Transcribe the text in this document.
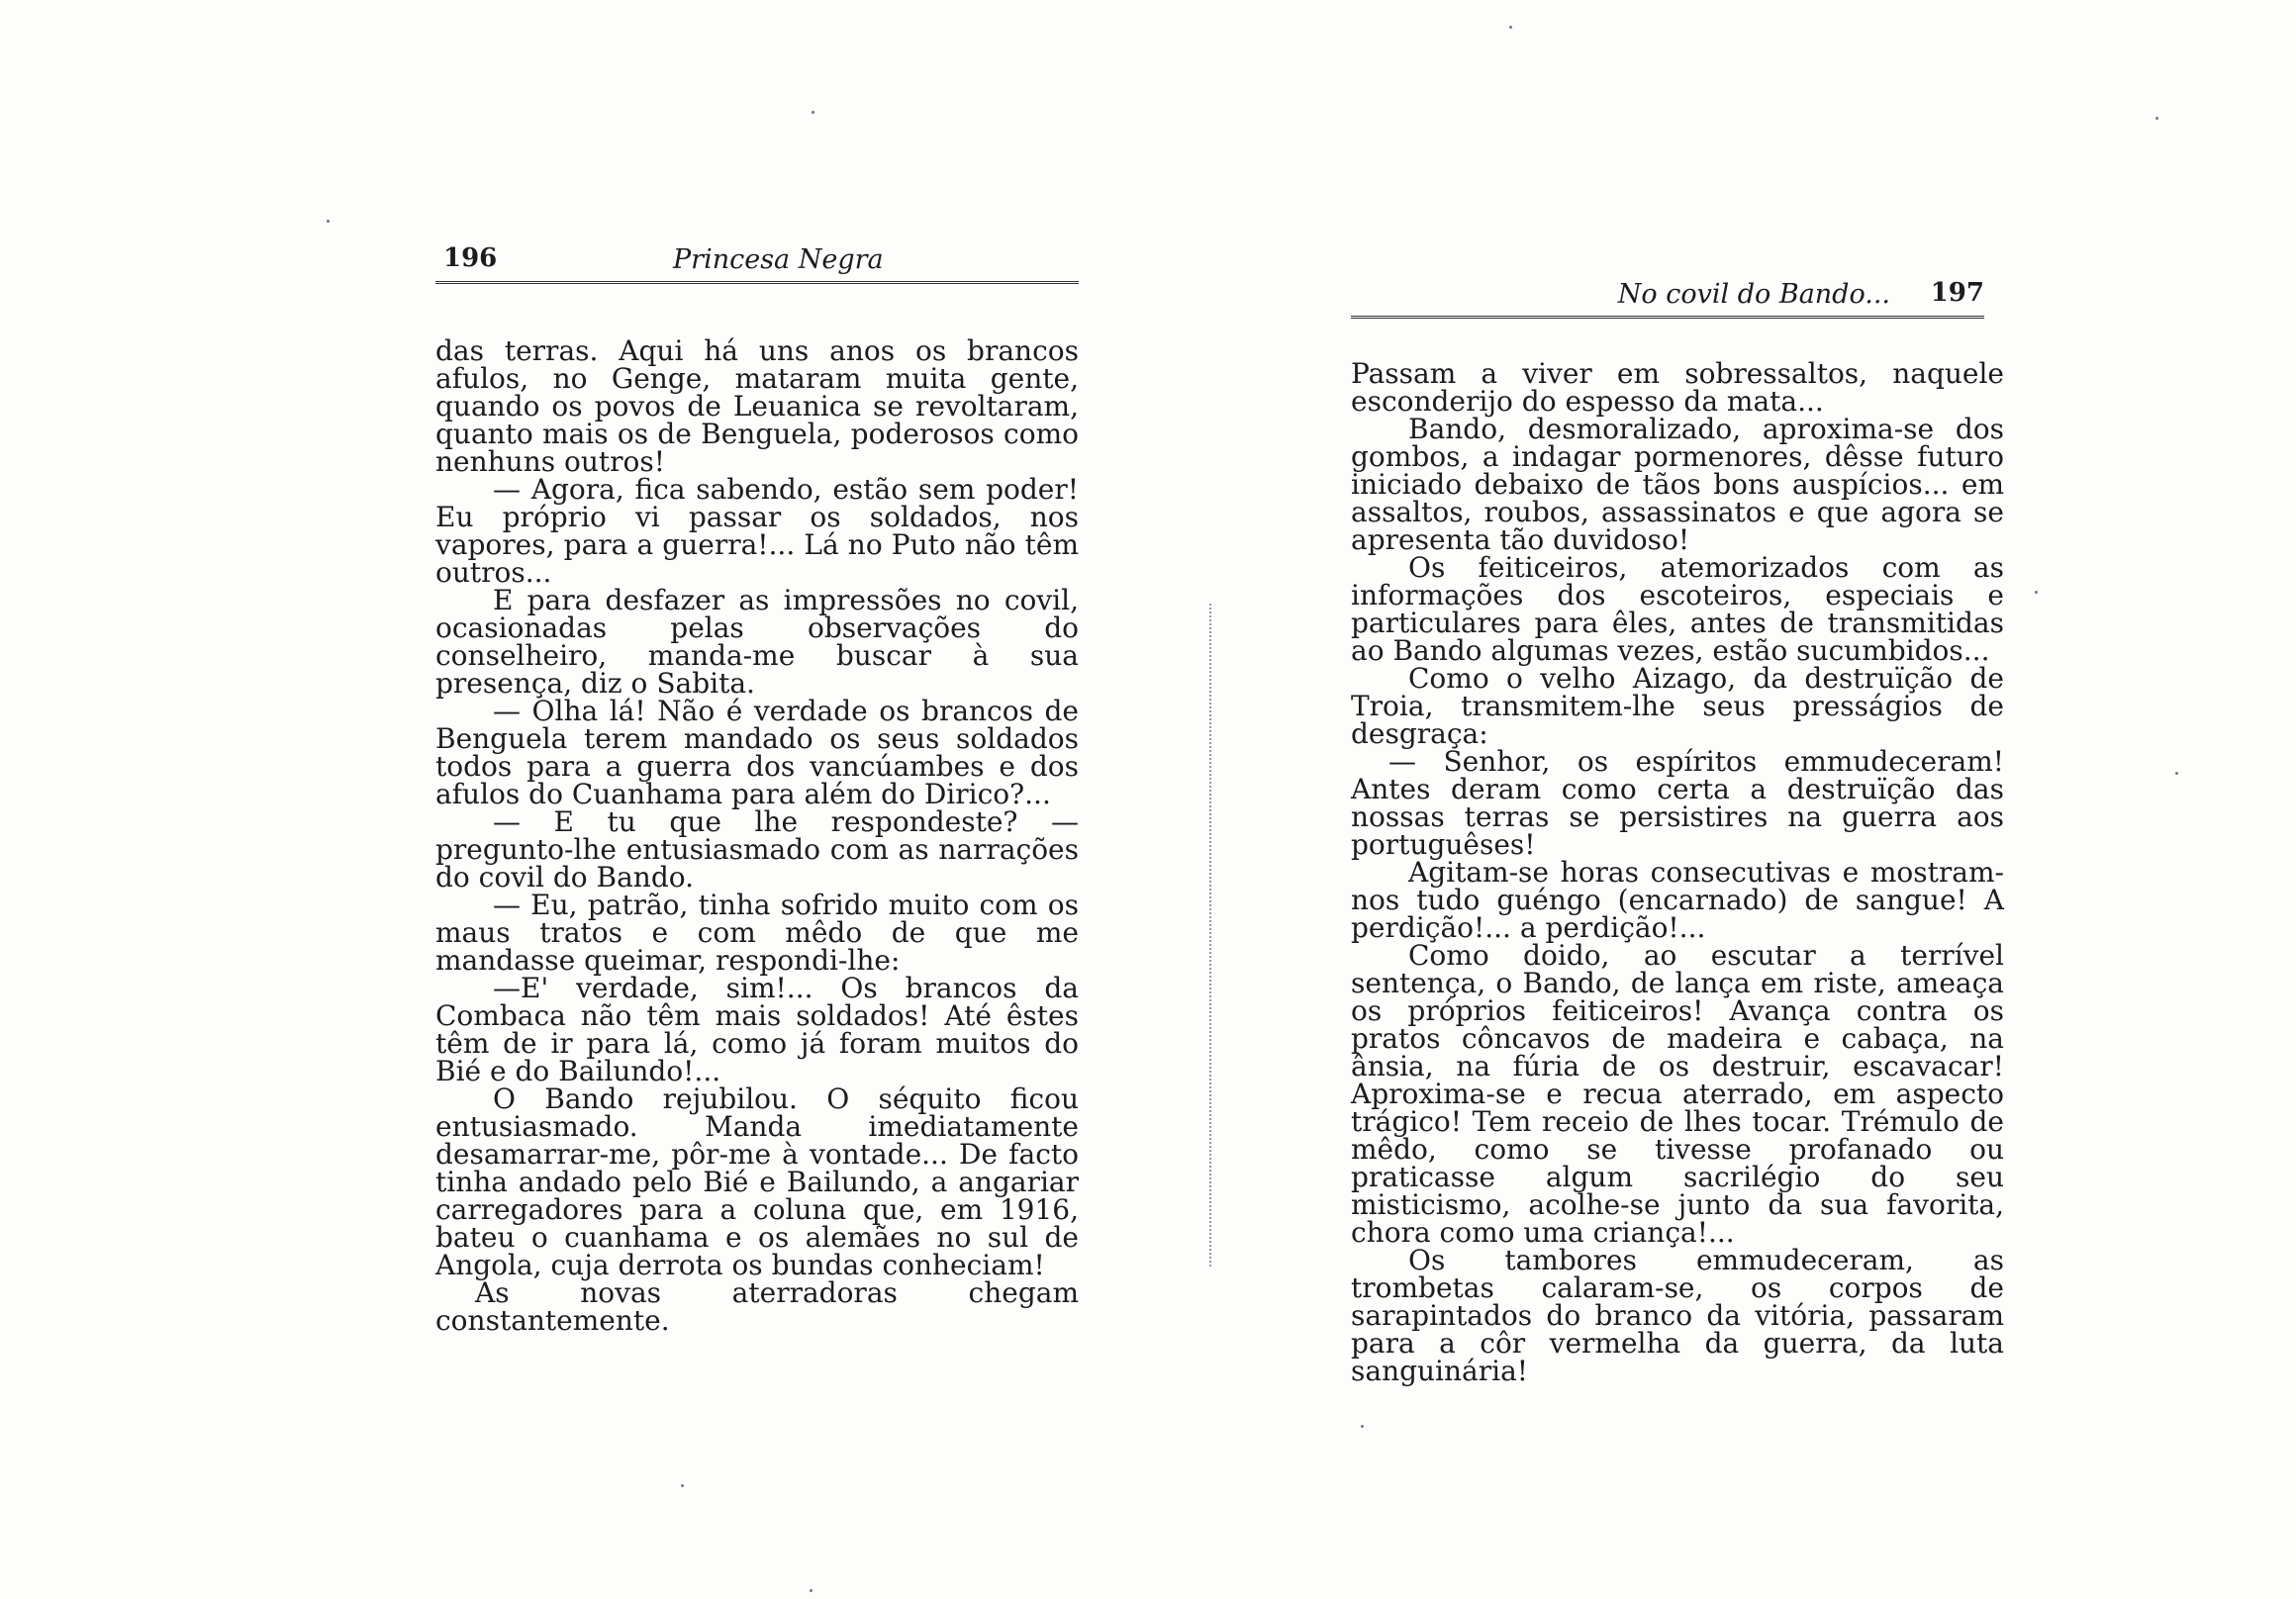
196	Princesa Negra

das terras. Aqui há uns anos os brancos afulos, no Genge, mataram muita gente, quando os povos de Leuanica se revoltaram, quanto mais os de Benguela, poderosos como nenhuns outros!

— Agora, fica sabendo, estão sem poder! Eu próprio vi passar os soldados, nos vapores, para a guerra!... Lá no Puto não têm outros...

E para desfazer as impressões no covil, ocasionadas pelas observações do conselheiro, manda-me buscar à sua presença, diz o Sabita.

— Olha lá! Não é verdade os brancos de Benguela terem mandado os seus soldados todos para a guerra dos vancúambes e dos afulos do Cuanhama para além do Dirico?...

— E tu que lhe respondeste? — pregunto-lhe entusiasmado com as narrações do covil do Bando.

— Eu, patrão, tinha sofrido muito com os maus tratos e com mêdo de que me mandasse queimar, respondi-lhe:

—E' verdade, sim!... Os brancos da Combaca não têm mais soldados! Até êstes têm de ir para lá, como já foram muitos do Bié e do Bailundo!...

O Bando rejubilou. O séquito ficou entusiasmado. Manda imediatamente desamarrar-me, pôr-me à vontade... De facto tinha andado pelo Bié e Bailundo, a angariar carregadores para a coluna que, em 1916, bateu o cuanhama e os alemães no sul de Angola, cuja derrota os bundas conheciam!

As novas aterradoras chegam constantemente.

No covil do Bando... 197

Passam a viver em sobressaltos, naquele esconderijo do espesso da mata...

Bando, desmoralizado, aproxima-se dos gombos, a indagar pormenores, dêsse futuro iniciado debaixo de tãos bons auspícios... em assaltos, roubos, assassinatos e que agora se apresenta tão duvidoso!

Os feiticeiros, atemorizados com as informações dos escoteiros, especiais e particulares para êles, antes de transmitidas ao Bando algumas vezes, estão sucumbidos...

Como o velho Aizago, da destruïção de Troia, transmitem-lhe seus presságios de desgraça:

— Senhor, os espíritos emmudeceram! Antes deram como certa a destruïção das nossas terras se persistires na guerra aos portuguêses!

Agitam-se horas consecutivas e mostram-nos tudo guéngo (encarnado) de sangue! A perdição!... a perdição!...

Como doido, ao escutar a terrível sentença, o Bando, de lança em riste, ameaça os próprios feiticeiros! Avança contra os pratos côncavos de madeira e cabaça, na ânsia, na fúria de os destruir, escavacar! Aproxima-se e recua aterrado, em aspecto trágico! Tem receio de lhes tocar. Trémulo de mêdo, como se tivesse profanado ou praticasse algum sacrilégio do seu misticismo, acolhe-se junto da sua favorita, chora como uma criança!...

Os tambores emmudeceram, as trombetas calaram-se, os corpos de sarapintados do branco da vitória, passaram para a côr vermelha da guerra, da luta sanguinária!
